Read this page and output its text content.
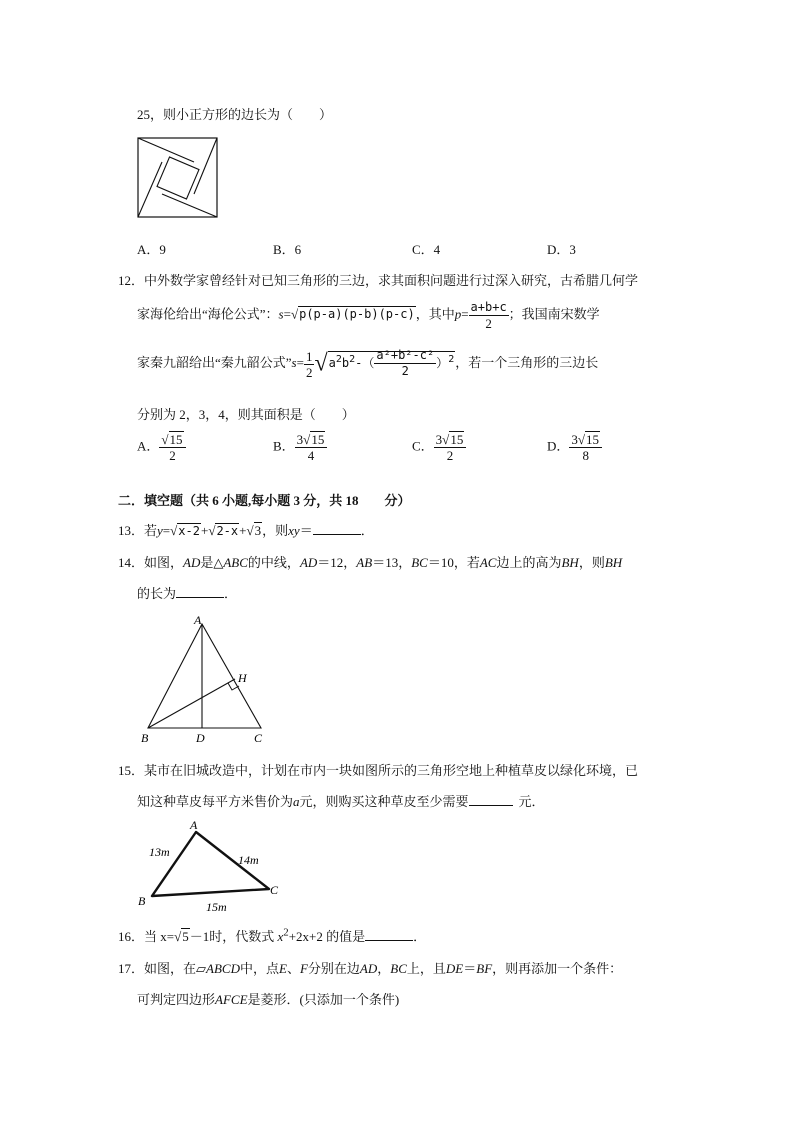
25，则小正方形的边长为（　　）
A．9	B．6	C．4	D．3
12．中外数学家曾经针对已知三角形的三边，求其面积问题进行过深入研究，古希腊几何学
家海伦给出“海伦公式”：s=√p(p-a)(p-b)(p-c)，其中$p= \frac{a+b+c}{2}$ ；我国南宋数学
家秦九韶给出“秦九韶公式”s= $\frac{1}{2} √a^2b^2-( \frac{\text{a²+b²-c²}}{2} )^2$，若一个三角形的三边长
分别为 2，3，4，则其面积是（　　）
A． $\frac{√15}{2}$	B． $\frac{3√15}{4}$	C． $\frac{3√15}{2}$	D． $\frac{3√15}{8}$
二．填空题（共 6 小题,每小题 3 分，共 18　　分）
13．若y=√x-2+√2-x+√3，则xy＝	．
14．如图，AD是△ABC的中线，AD＝12，AB＝13，BC＝10，若AC边上的高为BH，则BH
的长为	．
A
B	D	C
H
15．某市在旧城改造中，计划在市内一块如图所示的三角形空地上种植草皮以绿化环境，已
知这种草皮每平方米售价为a元，则购买这种草皮至少需要	元．
A
B
C
13m
14m
15m
16．当 x=√5－1时，代数式 $x^2+2x+2$ 的值是	．
17．如图，在▱ABCD中，点E、F分别在边AD，BC上，且DE＝BF，则再添加一个条件：
可判定四边形AFCE是菱形．(只添加一个条件)
